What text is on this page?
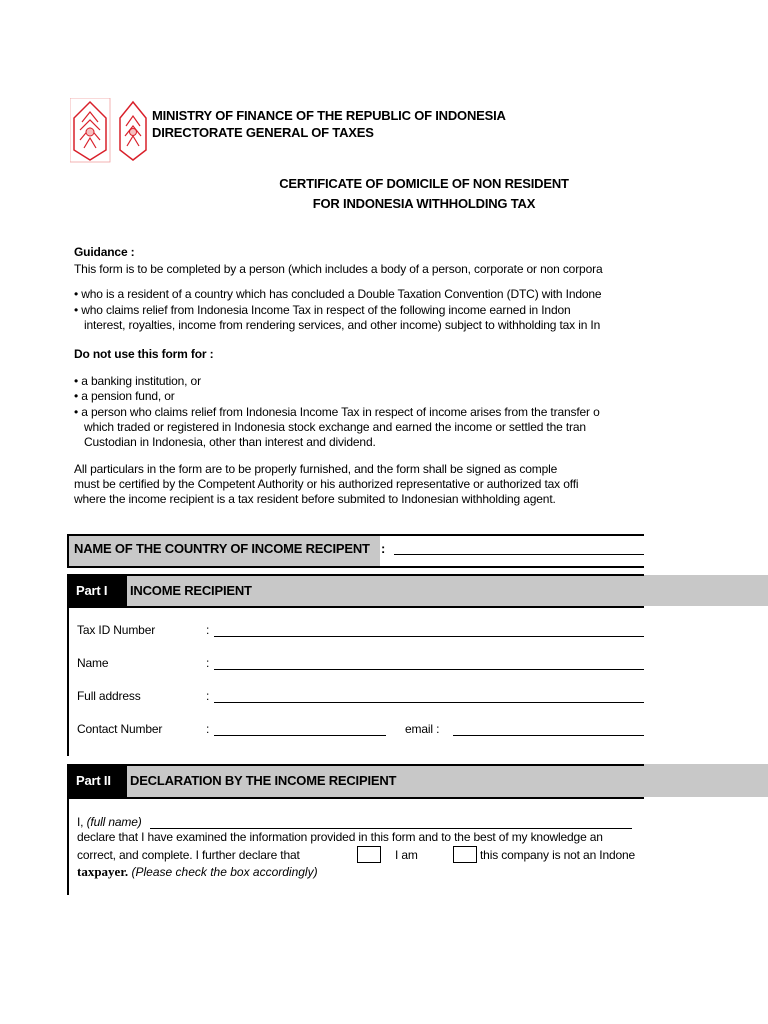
MINISTRY OF FINANCE OF THE REPUBLIC OF INDONESIA
DIRECTORATE GENERAL OF TAXES
CERTIFICATE OF DOMICILE OF NON RESIDENT
FOR INDONESIA WITHHOLDING TAX
Guidance :
This form is to be completed by a person (which includes a body of a person, corporate or non corpora
• who is a resident of a country which has concluded a Double Taxation Convention (DTC) with Indone
• who claims relief from Indonesia Income Tax in respect of the following income earned in Indon
interest, royalties, income from rendering services, and other income) subject to withholding tax in In
Do not use this form for :
• a banking institution, or
• a pension fund, or
• a person who claims relief from Indonesia Income Tax in respect of income arises from the transfer o
which traded or registered in Indonesia stock exchange and earned the income or settled the tran
Custodian in Indonesia, other than interest and dividend.
All particulars in the form are to be properly furnished, and the form shall be signed as comple
must be certified by the Competent Authority or his authorized representative or authorized tax offi
where the income recipient is a tax resident before submited to Indonesian withholding agent.
NAME OF THE COUNTRY OF INCOME RECIPENT :
Part I INCOME RECIPIENT
Tax ID Number	:
Name	:
Full address	:
Contact Number	:	email :
Part II DECLARATION BY THE INCOME RECIPIENT
I, (full name)
declare that I have examined the information provided in this form and to the best of my knowledge an
correct, and complete. I further declare that	I am	this company is not an Indone
taxpayer. (Please check the box accordingly)
